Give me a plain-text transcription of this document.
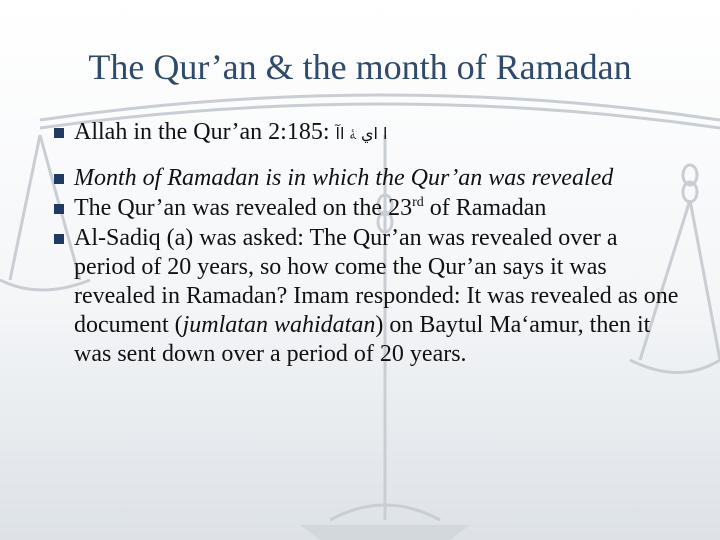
The Qur’an & the month of Ramadan
Allah in the Qur’an 2:185: ا اي ﮥ اﺁ
Month of Ramadan is in which the Qur’an was revealed
The Qur’an was revealed on the 23rd of Ramadan
Al-Sadiq (a) was asked: The Qur’an was revealed over a period of 20 years, so how come the Qur’an says it was revealed in Ramadan? Imam responded: It was revealed as one document (jumlatan wahidatan) on Baytul Ma‘amur, then it was sent down over a period of 20 years.
